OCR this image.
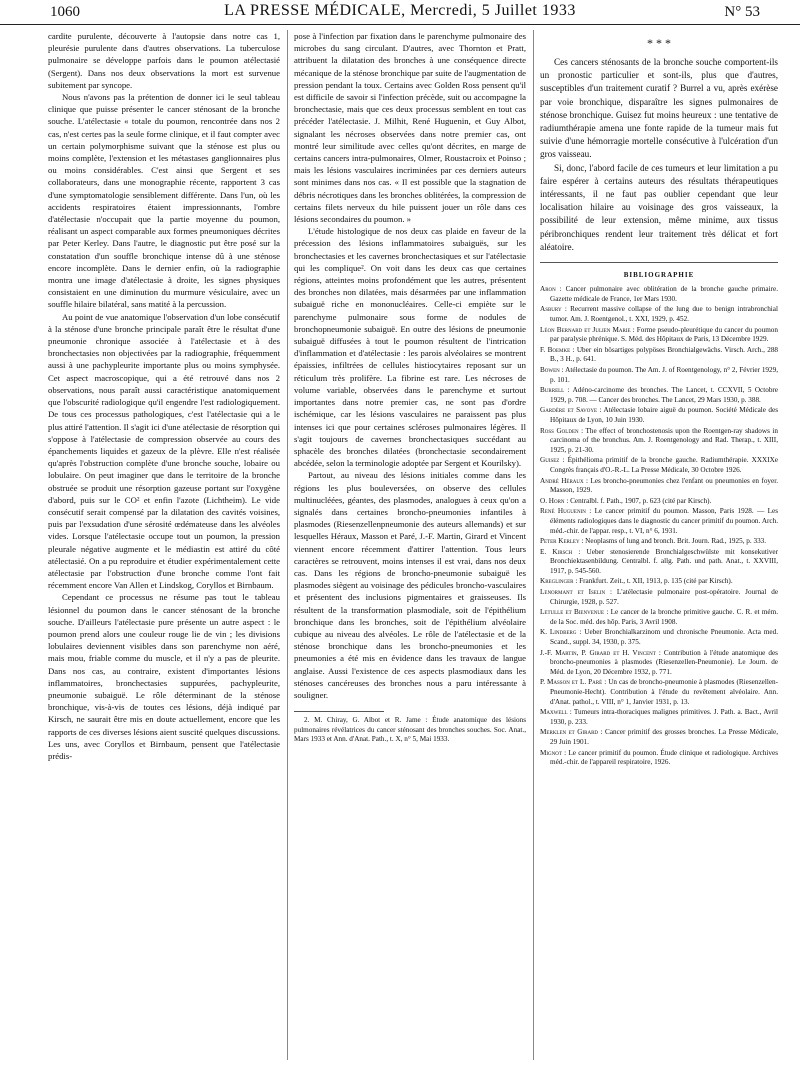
1060	LA PRESSE MÉDICALE, Mercredi, 5 Juillet 1933	N° 53

cardite purulente, découverte à l'autopsie dans notre cas 1, pleurésie purulente dans d'autres observations. La tuberculose pulmonaire se développe parfois dans le poumon atélectasié (Sergent). Dans nos deux observations la mort est survenue subitement par syncope.

Nous n'avons pas la prétention de donner ici le seul tableau clinique que puisse présenter le cancer sténosant de la bronche souche. L'atélectasie « totale du poumon, rencontrée dans nos 2 cas, n'est certes pas la seule forme clinique, et il faut compter avec un certain polymorphisme suivant que la sténose est plus ou moins complète, l'extension et les métastases ganglionnaires plus ou moins considérables. C'est ainsi que Sergent et ses collaborateurs, dans une monographie récente, rapportent 3 cas d'une symptomatologie sensiblement différente. Dans l'un, où les accidents respiratoires étaient impressionnants, l'ombre d'atélectasie n'occupait que la partie moyenne du poumon, réalisant un aspect comparable aux formes pneumoniques décrites par Peter Kerley. Dans l'autre, le diagnostic put être posé sur la constatation d'un souffle bronchique intense dû à une sténose encore incomplète. Dans le dernier enfin, où la radiographie montra une image d'atélectasie à droite, les signes physiques consistaient en une diminution du murmure vésiculaire, avec un souffle hilaire bilatéral, sans matité à la percussion.

Au point de vue anatomique l'observation d'un lobe consécutif à la sténose d'une bronche principale paraît être le résultat d'une pneumonie chronique associée à l'atélectasie et à des bronchectasies non objectivées par la radiographie, fréquemment aussi à une pachypleurite importante plus ou moins symphysée. Cet aspect macroscopique, qui a été retrouvé dans nos 2 observations, nous paraît aussi caractéristique anatomiquement que l'obscurité radiologique qu'il engendre l'est radiologiquement. De tous ces processus pathologiques, c'est l'atélectasie qui a le plus attiré l'attention. Il s'agit ici d'une atélectasie de résorption qui s'oppose à l'atélectasie de compression observée au cours des épanchements liquides et gazeux de la plèvre. Elle n'est réalisée qu'après l'obstruction complète d'une bronche souche, lobaire ou lobulaire. On peut imaginer que dans le territoire de la bronche obstruée se produit une résorption gazeuse portant sur l'oxygène d'abord, puis sur le CO² et enfin l'azote (Lichtheim). Le vide consécutif serait compensé par la dilatation des cavités voisines, puis par l'exsudation d'une sérosité œdémateuse dans les alvéoles vides. Lorsque l'atélectasie occupe tout un poumon, la pression pleurale négative augmente et le médiastin est attiré du côté atélectasié. On a pu reproduire et étudier expérimentalement cette atélectasie par l'obstruction d'une bronche comme l'ont fait récemment encore Van Allen et Lindskog, Coryllos et Birnbaum.

Cependant ce processus ne résume pas tout le tableau lésionnel du poumon dans le cancer sténosant de la bronche souche. D'ailleurs l'atélectasie pure présente un autre aspect : le poumon prend alors une couleur rouge lie de vin ; les divisions lobulaires deviennent visibles dans son parenchyme non aéré, mais mou, friable comme du muscle, et il n'y a pas de pleurite. Dans nos cas, au contraire, existent d'importantes lésions inflammatoires, bronchectasies suppurées, pachypleurite, pneumonie subaiguë. Le rôle déterminant de la sténose bronchique, vis-à-vis de toutes ces lésions, déjà indiqué par Kirsch, ne saurait être mis en doute actuellement, encore que les rapports de ces diverses lésions aient suscité quelques discussions. Les uns, avec Coryllos et Birnbaum, pensent que l'atélectasie prédis-

pose à l'infection par fixation dans le parenchyme pulmonaire des microbes du sang circulant. D'autres, avec Thornton et Pratt, attribuent la dilatation des bronches à une conséquence directe mécanique de la sténose bronchique par suite de l'augmentation de pression pendant la toux. Certains avec Golden Ross pensent qu'il est difficile de savoir si l'infection précède, suit ou accompagne la bronchectasie, mais que ces deux processus semblent en tout cas précéder l'atélectasie. J. Milhit, René Huguenin, et Guy Albot, signalant les nécroses observées dans notre premier cas, ont montré leur similitude avec celles qu'ont décrites, en marge de certains cancers intra-pulmonaires, Olmer, Roustacroix et Poinso ; mais les lésions vasculaires incriminées par ces derniers auteurs sont minimes dans nos cas. « Il est possible que la stagnation de débris nécrotiques dans les bronches oblitérées, la compression de certains filets nerveux du hile puissent jouer un rôle dans ces lésions secondaires du poumon. »

L'étude histologique de nos deux cas plaide en faveur de la précession des lésions inflammatoires subaiguës, sur les bronchectasies et les cavernes bronchectasiques et sur l'atélectasie qui les complique². On voit dans les deux cas que certaines régions, atteintes moins profondément que les autres, présentent des bronches non dilatées, mais désarmées par une inflammation subaiguë riche en mononucléaires. Celle-ci empiète sur le parenchyme pulmonaire sous forme de nodules de bronchopneumonie subaiguë. En outre des lésions de pneumonie subaiguë diffusées à tout le poumon résultent de l'intrication d'inflammation et d'atélectasie : les parois alvéolaires se montrent épaissies, infiltrées de cellules histiocytaires reposant sur un réticulum très prolifère. La fibrine est rare. Les nécroses de volume variable, observées dans le parenchyme et surtout importantes dans notre premier cas, ne sont pas d'ordre ischémique, car les lésions vasculaires ne paraissent pas plus intenses ici que pour certaines scléroses pulmonaires légères. Il s'agit toujours de cavernes bronchectasiques succédant au sphacèle des bronches dilatées (bronchectasie secondairement abcédée, selon la terminologie adoptée par Sergent et Kourilsky).

Partout, au niveau des lésions initiales comme dans les régions les plus bouleversées, on observe des cellules multinucléées, géantes, des plasmodes, analogues à ceux qu'on a signalés dans certaines broncho-pneumonies infantiles à plasmodes (Riesenzellenpneumonie des auteurs allemands) et sur lesquelles Héraux, Masson et Paré, J.-F. Martin, Girard et Vincent viennent encore récemment d'attirer l'attention. Tous leurs caractères se retrouvent, moins intenses il est vrai, dans nos deux cas. Dans les régions de broncho-pneumonie subaiguë les plasmodes siègent au voisinage des pédicules broncho-vasculaires et présentent des inclusions pigmentaires et graisseuses. Ils résultent de la transformation plasmodiale, soit de l'épithélium bronchique dans les bronches, soit de l'épithélium alvéolaire cubique au niveau des alvéoles. Le rôle de l'atélectasie et de la sténose bronchique dans les broncho-pneumonies et les pneumonies a été mis en évidence dans les travaux de langue anglaise. Aussi l'existence de ces aspects plasmodiaux dans les sténoses cancéreuses des bronches nous a paru intéressante à souligner.

2. M. Chiray, G. Albot et R. Jame : Étude anatomique des lésions pulmonaires révélatrices du cancer sténosant des bronches souches. Soc. Anat., Mars 1933 et Ann. d'Anat. Path., t. X, n° 5, Mai 1933.

* * *

Ces cancers sténosants de la bronche souche comportent-ils un pronostic particulier et sont-ils, plus que d'autres, susceptibles d'un traitement curatif ? Burrel a vu, après exérèse par voie bronchique, disparaître les signes pulmonaires de sténose bronchique. Guisez fut moins heureux : une tentative de radiumthérapie amena une fonte rapide de la tumeur mais fut suivie d'une hémorragie mortelle consécutive à l'ulcération d'un gros vaisseau.

Si, donc, l'abord facile de ces tumeurs et leur limitation a pu faire espérer à certains auteurs des résultats thérapeutiques intéressants, il ne faut pas oublier cependant que leur localisation hilaire au voisinage des gros vaisseaux, la possibilité de leur extension, même minime, aux tissus péribronchiques rendent leur traitement très délicat et fort aléatoire.

BIBLIOGRAPHIE
Aron : Cancer pulmonaire avec oblitération de la bronche gauche primaire. Gazette médicale de France, 1er Mars 1930.
Asbury : Recurrent massive collapse of the lung due to benign intrabronchial tumor. Am. J. Roentgenol., t. XXI, 1929, p. 452.
Léon Bernard et Julien Marie : Forme pseudo-pleurétique du cancer du poumon par paralysie phrénique. S. Méd. des Hôpitaux de Paris, 13 Décembre 1929.
F. Boemke : Uber ein bösartiges polypöses Bronchialgewächs. Virsch. Arch., 288 B., 3 H., p. 641.
Bowen : Atélectasie du poumon. The Am. J. of Roentgenology, n° 2, Février 1929, p. 101.
Burrell : Adéno-carcinome des bronches. The Lancet, t. CCXVII, 5 Octobre 1929, p. 708. — Cancer des bronches. The Lancet, 29 Mars 1930, p. 388.
Gardère et Savoye : Atélectasie lobaire aiguë du poumon. Société Médicale des Hôpitaux de Lyon, 10 Juin 1930.
Ross Golden : The effect of bronchostenosis upon the Roentgen-ray shadows in carcinoma of the bronchus. Am. J. Roentgenology and Rad. Therap., t. XIII, 1925, p. 21-30.
Guisez : Épithélioma primitif de la bronche gauche. Radiumthérapie. XXXIXe Congrès français d'O.-R.-L. La Presse Médicale, 30 Octobre 1926.
André Héraux : Les broncho-pneumonies chez l'enfant ou pneumonies en foyer. Masson, 1929.
O. Horn : Centralbl. f. Path., 1907, p. 623 (cité par Kirsch).
René Huguenin : Le cancer primitif du poumon. Masson, Paris 1928. — Les éléments radiologiques dans le diagnostic du cancer primitif du poumon. Arch. méd.-chir. de l'appar. resp., t. VI, n° 6, 1931.
Peter Kerley : Neoplasms of lung and bronch. Brit. Journ. Rad., 1925, p. 333.
E. Kirsch : Ueber stenosierende Bronchialgeschwülste mit konsekutiver Bronchiektasenbildung. Centralbl. f. allg. Path. und path. Anat., t. XXVIII, 1917, p. 545-560.
Kreglinger : Frankfurt. Zeit., t. XII, 1913, p. 135 (cité par Kirsch).
Lenormant et Iselin : L'atélectasie pulmonaire post-opératoire. Journal de Chirurgie, 1928, p. 527.
Letulle et Bienvenue : Le cancer de la bronche primitive gauche. C. R. et mém. de la Soc. méd. des hôp. Paris, 3 Avril 1908.
K. Lindberg : Ueber Bronchialkarzinom und chronische Pneumonie. Acta med. Scand., suppl. 34, 1930, p. 375.
J.-F. Martin, P. Girard et H. Vincent : Contribution à l'étude anatomique des broncho-pneumonies à plasmodes (Riesenzellen-Pneumonie). Le Journ. de Méd. de Lyon, 20 Décembre 1932, p. 771.
P. Masson et L. Paré : Un cas de broncho-pneumonie à plasmodes (Riesenzellen-Pneumonie-Hecht). Contribution à l'étude du revêtement alvéolaire. Ann. d'Anat. pathol., t. VIII, n° 1, Janvier 1931, p. 13.
Maxwell : Tumeurs intra-thoraciques malignes primitives. J. Path. a. Bact., Avril 1930, p. 233.
Merklen et Girard : Cancer primitif des grosses bronches. La Presse Médicale, 29 Juin 1901.
Mignot : Le cancer primitif du poumon. Étude clinique et radiologique. Archives méd.-chir. de l'appareil respiratoire, 1926.
